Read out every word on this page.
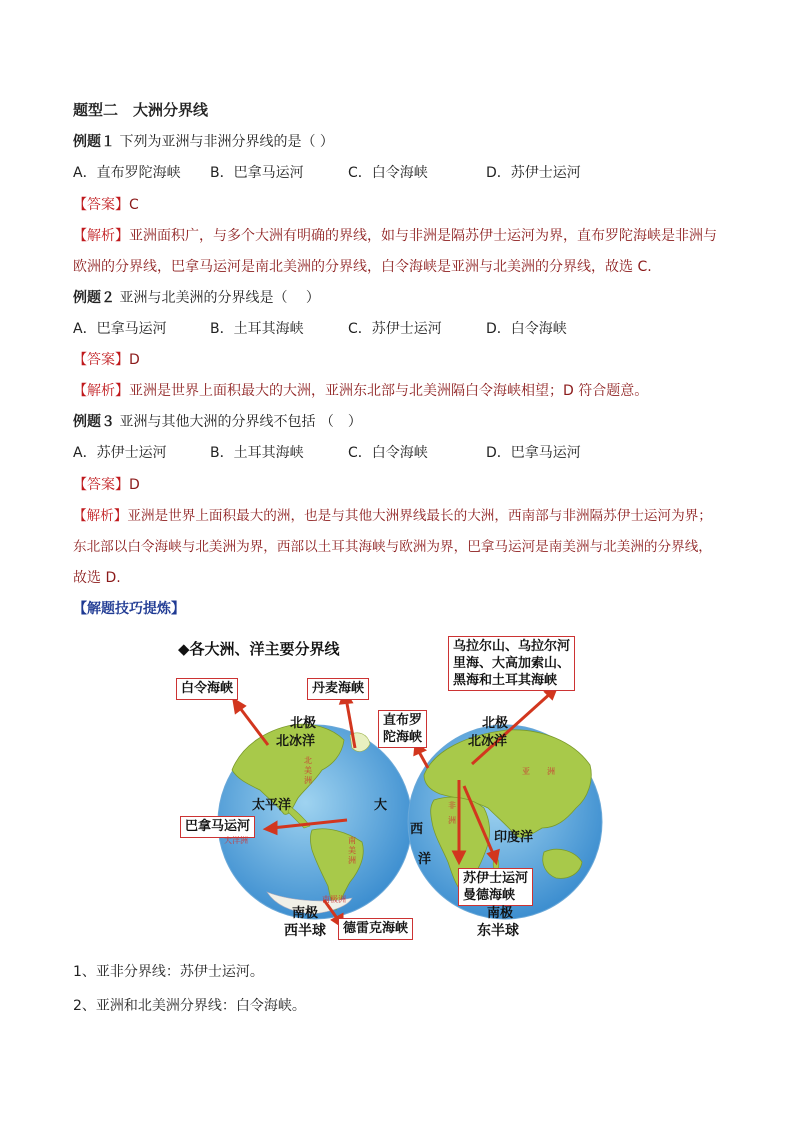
题型二　大洲分界线
例题１ 下列为亚洲与非洲分界线的是（ ）
A．直布罗陀海峡 B．巴拿马运河	C．白令海峡	D．苏伊士运河
【答案】C
【解析】亚洲面积广，与多个大洲有明确的界线，如与非洲是隔苏伊士运河为界，直布罗陀海峡是非洲与
欧洲的分界线，巴拿马运河是南北美洲的分界线，白令海峡是亚洲与北美洲的分界线，故选 C.
例题２ 亚洲与北美洲的分界线是（　 ）
A．巴拿马运河	B．土耳其海峡	C．苏伊士运河	D．白令海峡
【答案】D
【解析】亚洲是世界上面积最大的大洲，亚洲东北部与北美洲隔白令海峡相望；D 符合题意。
例题３ 亚洲与其他大洲的分界线不包括 （　）
A．苏伊士运河	B．土耳其海峡	C．白令海峡	D．巴拿马运河
【答案】D
【解析】亚洲是世界上面积最大的洲，也是与其他大洲界线最长的大洲，西南部与非洲隔苏伊士运河为界；
东北部以白令海峡与北美洲为界，西部以土耳其海峡与欧洲为界，巴拿马运河是南美洲与北美洲的分界线，
故选 D.
【解题技巧提炼】
◆各大洲、洋主要分界线
白令海峡	丹麦海峡
直布罗
陀海峡
乌拉尔山、乌拉尔河
里海、大高加索山、
黑海和土耳其海峡
巴拿马运河
苏伊士运河
曼德海峡
德雷克海峡
北极
北冰洋
太平洋	大
南极
西半球
北
美
洲
南
美
洲
大洋洲
南极洲
北极
北冰洋
西
洋
印度洋
南极
东半球
非
洲
亚 洲
1、亚非分界线：苏伊士运河。
2、亚洲和北美洲分界线：白令海峡。
